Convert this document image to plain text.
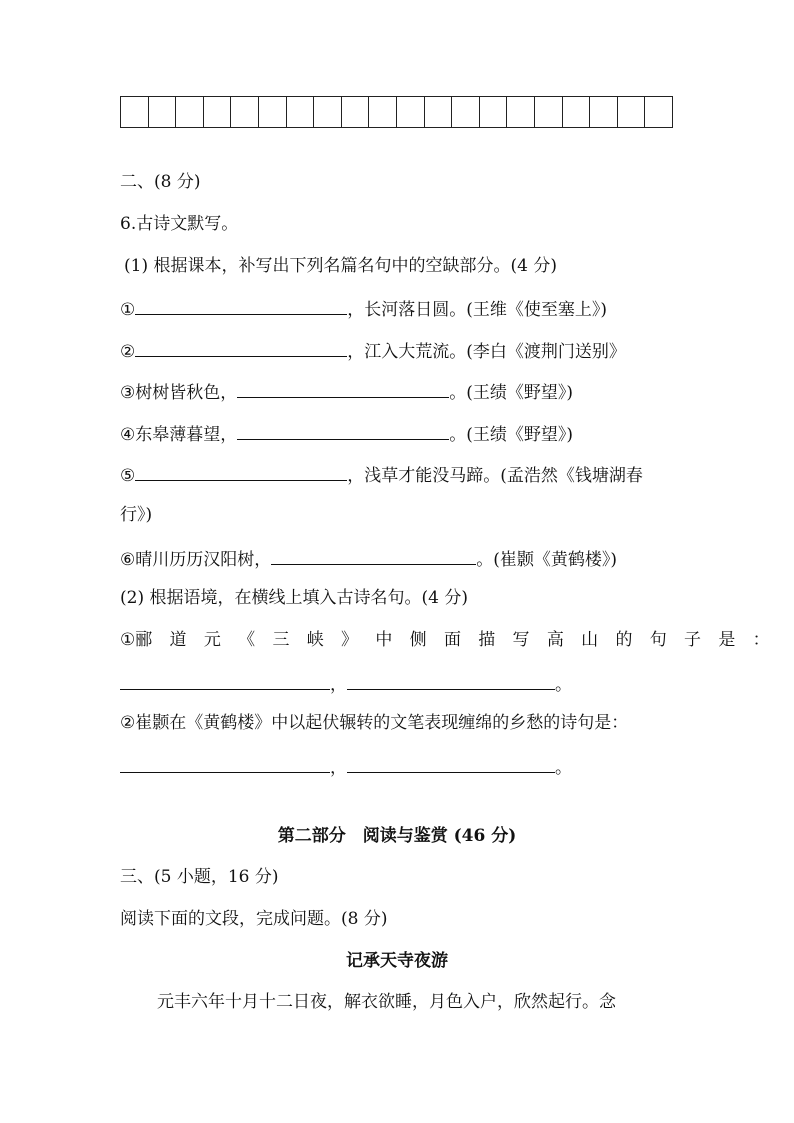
二、(8 分)
6.古诗文默写。
(1) 根据课本，补写出下列名篇名句中的空缺部分。(4 分)
①	，长河落日圆。(王维《使至塞上》)
②	，江入大荒流。(李白《渡荆门送别》
③树树皆秋色，	。(王绩《野望》)
④东皋薄暮望，	。(王绩《野望》)
⑤	，浅草才能没马蹄。(孟浩然《钱塘湖春
行》)
⑥晴川历历汉阳树，	。(崔颢《黄鹤楼》)
(2) 根据语境，在横线上填入古诗名句。(4 分)
①郦道元《三峡》中侧面描写高山的句子是：
，	。
②崔颢在《黄鹤楼》中以起伏辗转的文笔表现缠绵的乡愁的诗句是：
，	。
第二部分　阅读与鉴赏 (46 分)
三、(5 小题，16 分)
阅读下面的文段，完成问题。(8 分)
记承天寺夜游
元丰六年十月十二日夜，解衣欲睡，月色入户，欣然起行。念
